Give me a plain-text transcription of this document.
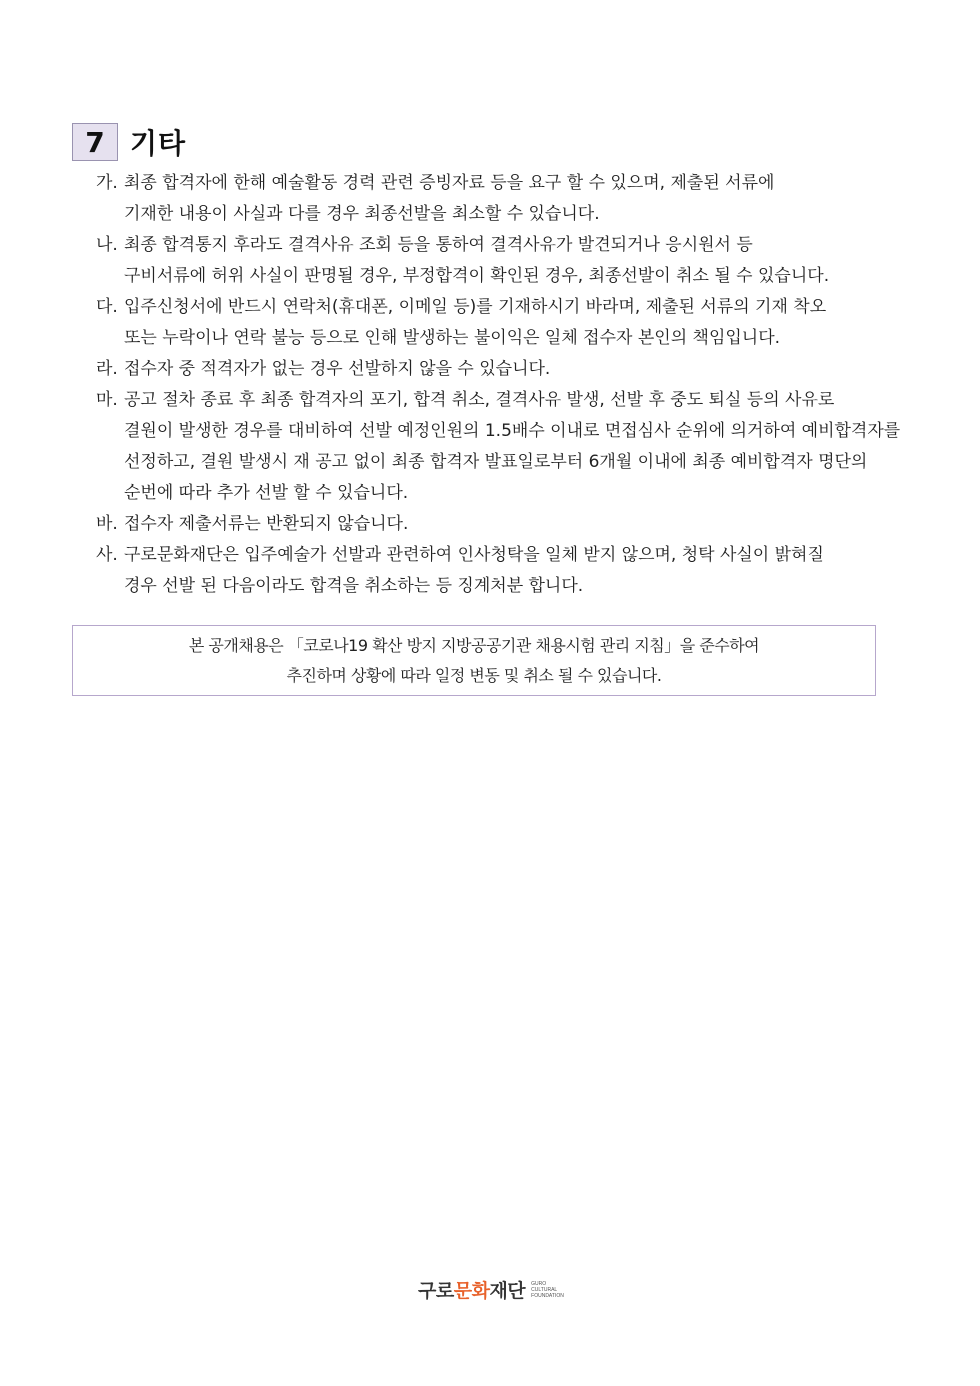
7 기타
가. 최종 합격자에 한해 예술활동 경력 관련 증빙자료 등을 요구 할 수 있으며, 제출된 서류에
기재한 내용이 사실과 다를 경우 최종선발을 최소할 수 있습니다.
나. 최종 합격통지 후라도 결격사유 조회 등을 통하여 결격사유가 발견되거나 응시원서 등
구비서류에 허위 사실이 판명될 경우, 부정합격이 확인된 경우, 최종선발이 취소 될 수 있습니다.
다. 입주신청서에 반드시 연락처(휴대폰, 이메일 등)를 기재하시기 바라며, 제출된 서류의 기재 착오
또는 누락이나 연락 불능 등으로 인해 발생하는 불이익은 일체 접수자 본인의 책임입니다.
라. 접수자 중 적격자가 없는 경우 선발하지 않을 수 있습니다.
마. 공고 절차 종료 후 최종 합격자의 포기, 합격 취소, 결격사유 발생, 선발 후 중도 퇴실 등의 사유로
결원이 발생한 경우를 대비하여 선발 예정인원의 1.5배수 이내로 면접심사 순위에 의거하여 예비합격자를
선정하고, 결원 발생시 재 공고 없이 최종 합격자 발표일로부터 6개월 이내에 최종 예비합격자 명단의
순번에 따라 추가 선발 할 수 있습니다.
바. 접수자 제출서류는 반환되지 않습니다.
사. 구로문화재단은 입주예술가 선발과 관련하여 인사청탁을 일체 받지 않으며, 청탁 사실이 밝혀질
경우 선발 된 다음이라도 합격을 취소하는 등 징계처분 합니다.
본 공개채용은 「코로나19 확산 방지 지방공공기관 채용시험 관리 지침」을 준수하여
추진하며 상황에 따라 일정 변동 및 취소 될 수 있습니다.
구로문화재단 GURO
CULTURAL
FOUNDATION
